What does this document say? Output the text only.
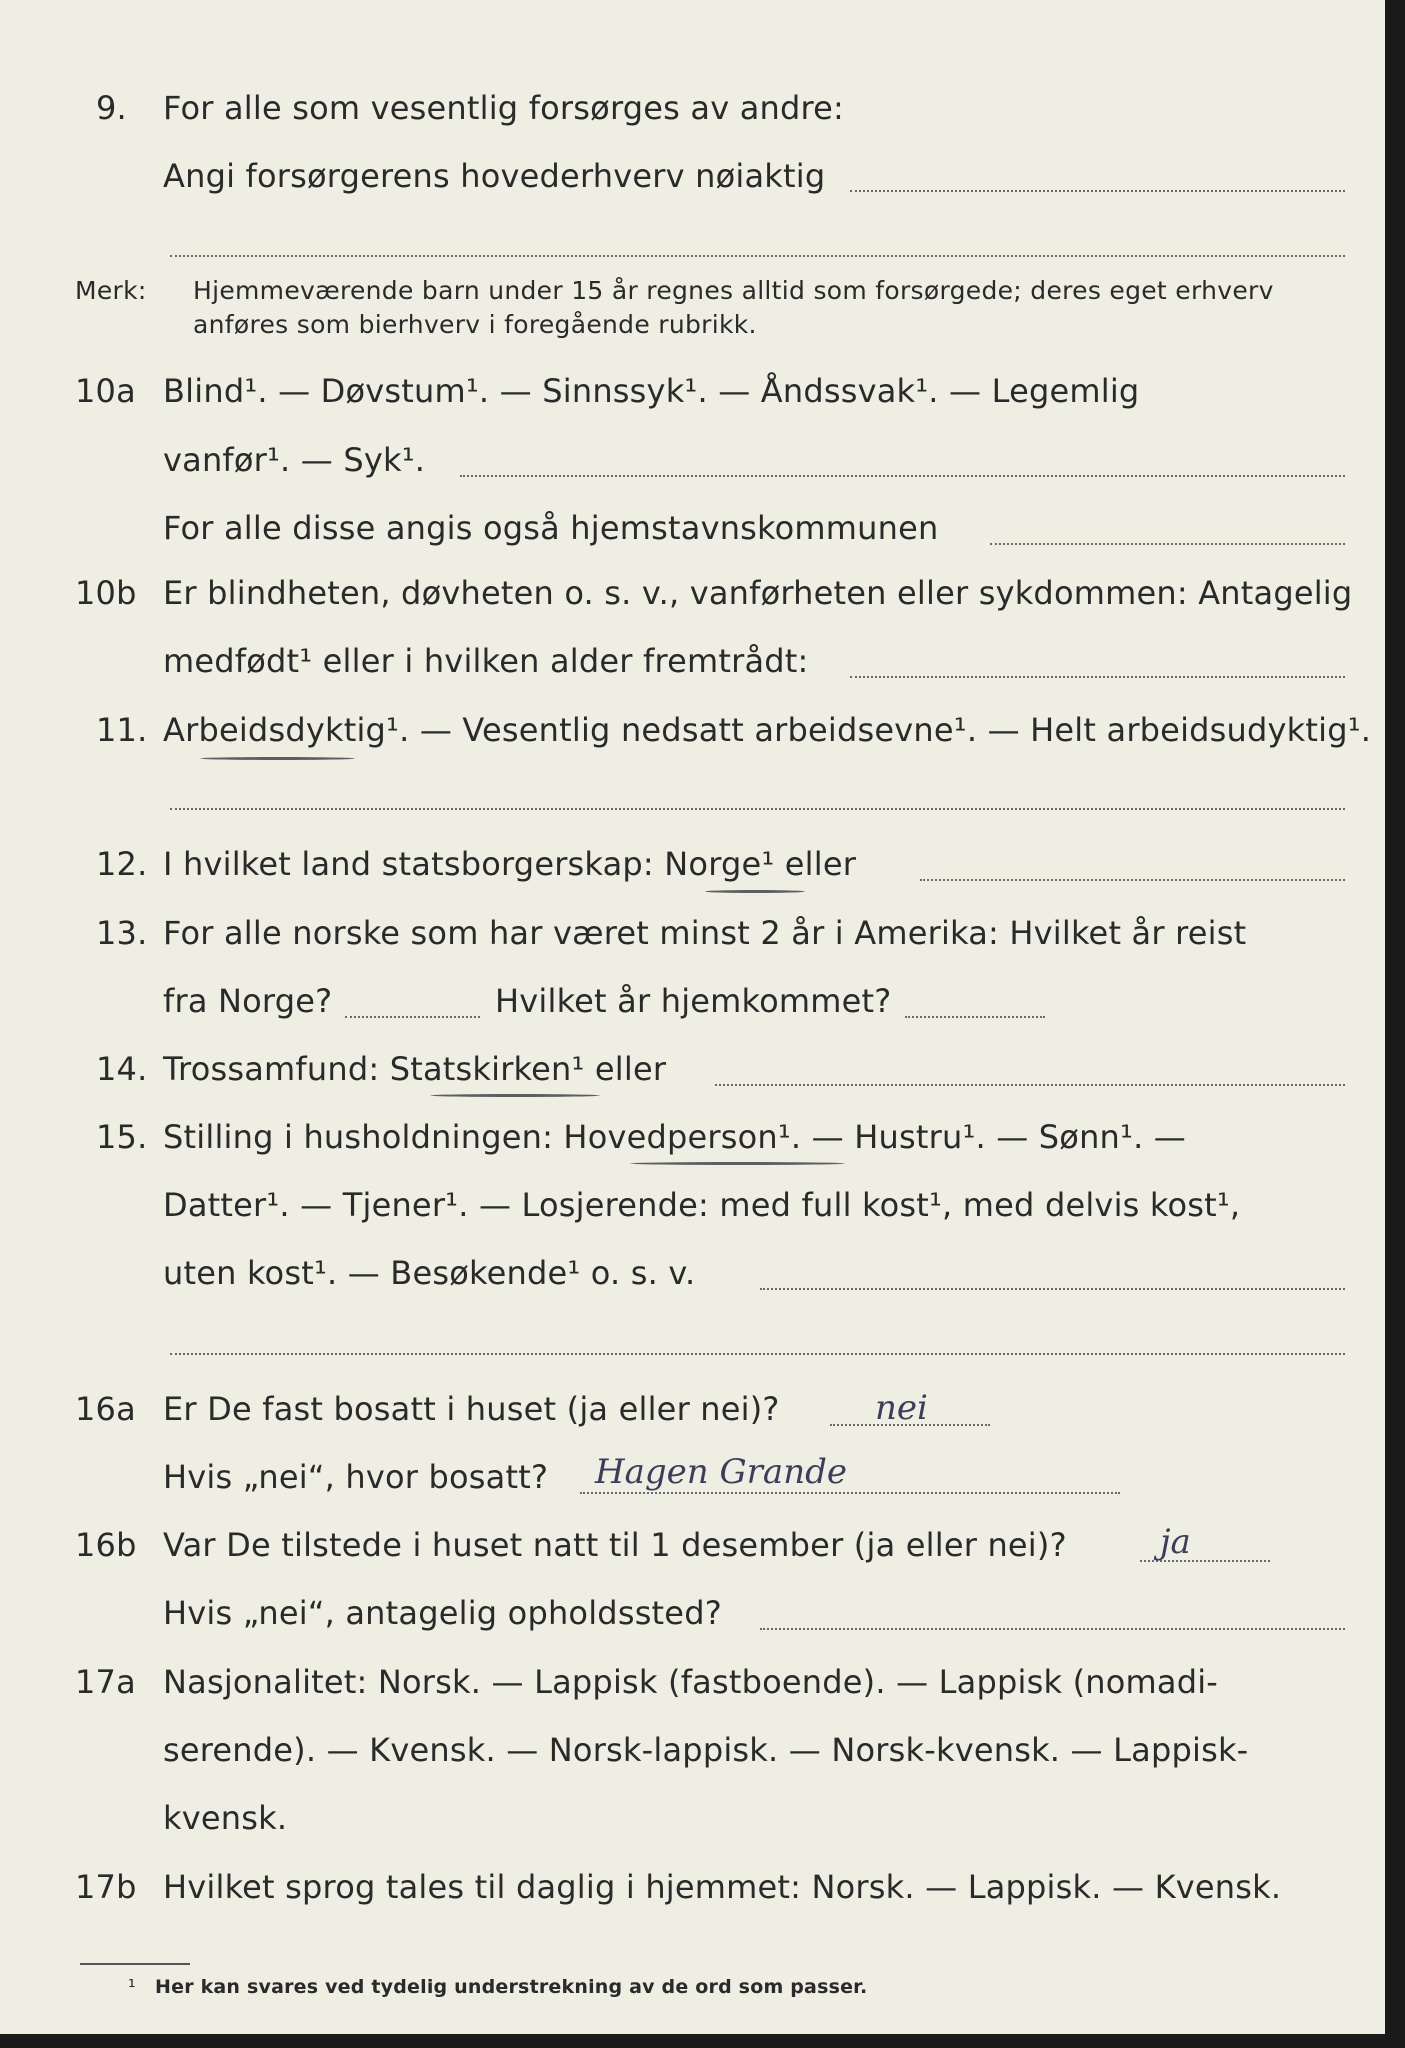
9. For alle som vesentlig forsørges av andre:
Angi forsørgerens hovederhverv nøiaktig
Merk: Hjemmeværende barn under 15 år regnes alltid som forsørgede; deres eget erhverv
anføres som bierhverv i foregående rubrikk.
10a Blind¹. — Døvstum¹. — Sinnssyk¹. — Åndssvak¹. — Legemlig
vanfør¹. — Syk¹.
For alle disse angis også hjemstavnskommunen
10b Er blindheten, døvheten o. s. v., vanførheten eller sykdommen: Antagelig
medfødt¹ eller i hvilken alder fremtrådt:
11. Arbeidsdyktig¹. — Vesentlig nedsatt arbeidsevne¹. — Helt arbeidsudyktig¹.
12. I hvilket land statsborgerskap: Norge¹ eller
13. For alle norske som har været minst 2 år i Amerika: Hvilket år reist
fra Norge?	Hvilket år hjemkommet?
14. Trossamfund: Statskirken¹ eller
15. Stilling i husholdningen: Hovedperson¹. — Hustru¹. — Sønn¹. —
Datter¹. — Tjener¹. — Losjerende: med full kost¹, med delvis kost¹,
uten kost¹. — Besøkende¹ o. s. v.
16a Er De fast bosatt i huset (ja eller nei)?	nei
Hvis „nei“, hvor bosatt? Hagen Grande
16b Var De tilstede i huset natt til 1 desember (ja eller nei)?	ja
Hvis „nei“, antagelig opholdssted?
17a Nasjonalitet: Norsk. — Lappisk (fastboende). — Lappisk (nomadi-
serende). — Kvensk. — Norsk-lappisk. — Norsk-kvensk. — Lappisk-
kvensk.
17b Hvilket sprog tales til daglig i hjemmet: Norsk. — Lappisk. — Kvensk.
¹ Her kan svares ved tydelig understrekning av de ord som passer.
